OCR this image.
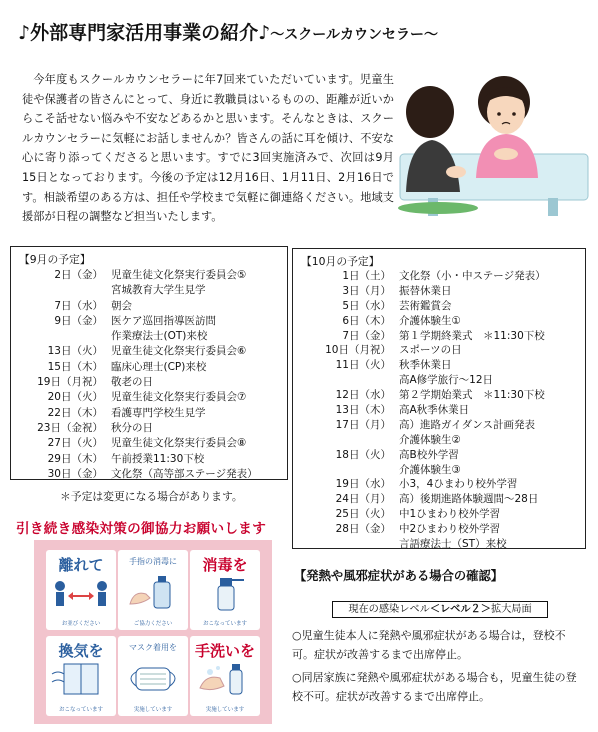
♪外部専門家活用事業の紹介♪～スクールカウンセラー～
今年度もスクールカウンセラーに年7回来ていただいています。児童生徒や保護者の皆さんにとって、身近に教職員はいるものの、距離が近いからこそ話せない悩みや不安などあるかと思います。そんなときは、スクールカウンセラーに気軽にお話しませんか？皆さんの話に耳を傾け、不安な心に寄り添ってくださると思います。すでに3回実施済みで、次回は9月15日となっております。今後の予定は12月16日、1月11日、2月16日です。相談希望のある方は、担任や学校まで気軽に御連絡ください。地域支援部が日程の調整など担当いたします。
【9月の予定】
2日（金） 児童生徒文化祭実行委員会⑤
宮城教育大学生見学
7日（水） 朝会
9日（金） 医ケア巡回指導医訪問
作業療法士(OT)来校
13日（火） 児童生徒文化祭実行委員会⑥
15日（木） 臨床心理士(CP)来校
19日（月祝） 敬老の日
20日（火） 児童生徒文化祭実行委員会⑦
22日（木） 看護専門学校生見学
23日（金祝） 秋分の日
27日（火） 児童生徒文化祭実行委員会⑧
29日（木） 午前授業11:30下校
30日（金） 文化祭（高等部ステージ発表）
【10月の予定】
1日（土） 文化祭（小・中ステージ発表）
3日（月） 振替休業日
5日（水） 芸術鑑賞会
6日（木） 介護体験生①
7日（金） 第１学期終業式　＊11:30下校
10日（月祝） スポーツの日
11日（火） 秋季休業日
高A修学旅行～12日
12日（水） 第２学期始業式　＊11:30下校
13日（木） 高A秋季休業日
17日（月） 高）進路ガイダンス計画発表
介護体験生②
18日（火） 高B校外学習
介護体験生③
19日（水） 小3，4ひまわり校外学習
24日（月） 高）後期進路体験週間～28日
25日（火） 中1ひまわり校外学習
28日（金） 中2ひまわり校外学習
言語療法士（ST）来校
＊予定は変更になる場合があります。
引き続き感染対策の御協力お願いします
離れて
お並びください
手指の消毒に
ご協力ください
消毒を
おこなっています
換気を
おこなっています
マスク着用を
実施しています
手洗いを
実施しています
【発熱や風邪症状がある場合の確認】
現在の感染レベル＜レベル２＞拡大局面
○児童生徒本人に発熱や風邪症状がある場合は，登校不可。症状が改善するまで出席停止。
○同居家族に発熱や風邪症状がある場合も，児童生徒の登校不可。症状が改善するまで出席停止。
